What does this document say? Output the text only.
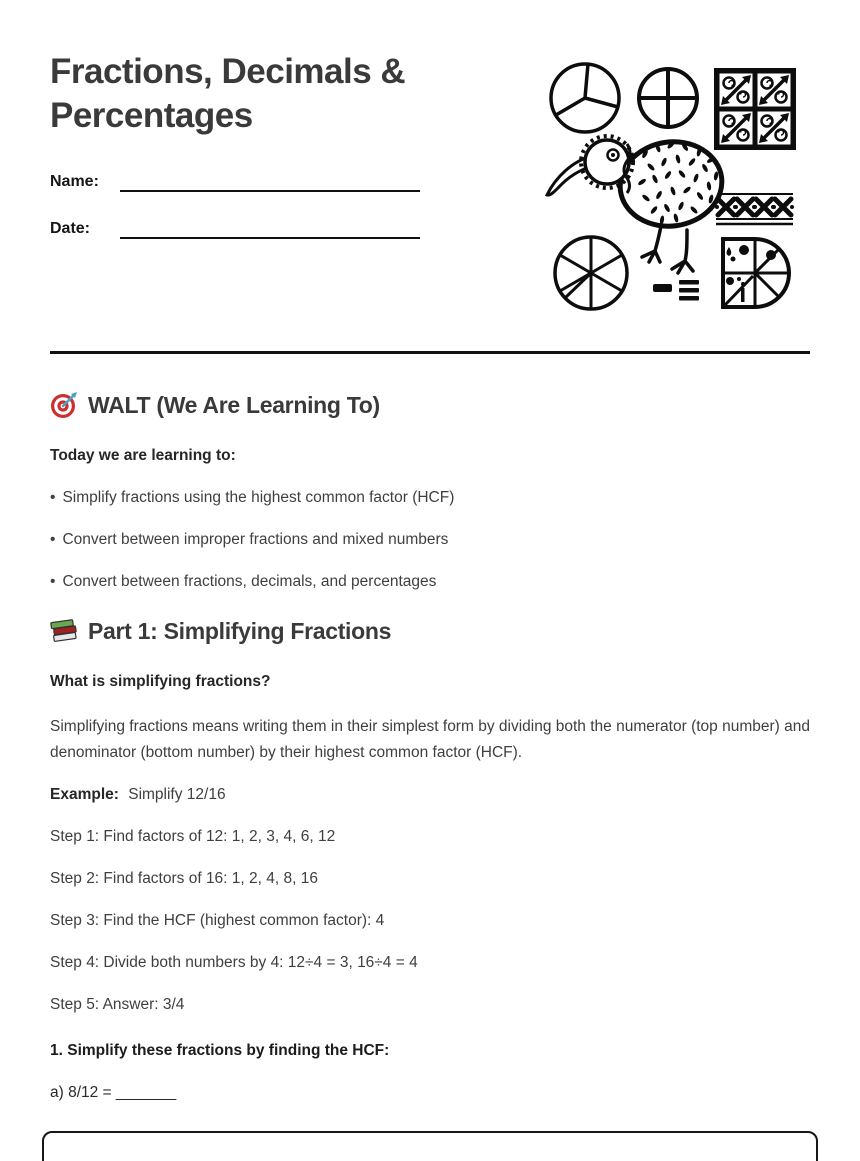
Fractions, Decimals & Percentages
Name:
Date:
WALT (We Are Learning To)

Today we are learning to:

• Simplify fractions using the highest common factor (HCF)
• Convert between improper fractions and mixed numbers
• Convert between fractions, decimals, and percentages
Part 1: Simplifying Fractions

What is simplifying fractions?

Simplifying fractions means writing them in their simplest form by dividing both the numerator (top number) and denominator (bottom number) by their highest common factor (HCF).

Example: Simplify 12/16

Step 1: Find factors of 12: 1, 2, 3, 4, 6, 12

Step 2: Find factors of 16: 1, 2, 4, 8, 16

Step 3: Find the HCF (highest common factor): 4

Step 4: Divide both numbers by 4: 12÷4 = 3, 16÷4 = 4

Step 5: Answer: 3/4

1. Simplify these fractions by finding the HCF:

a) 8/12 = _______
